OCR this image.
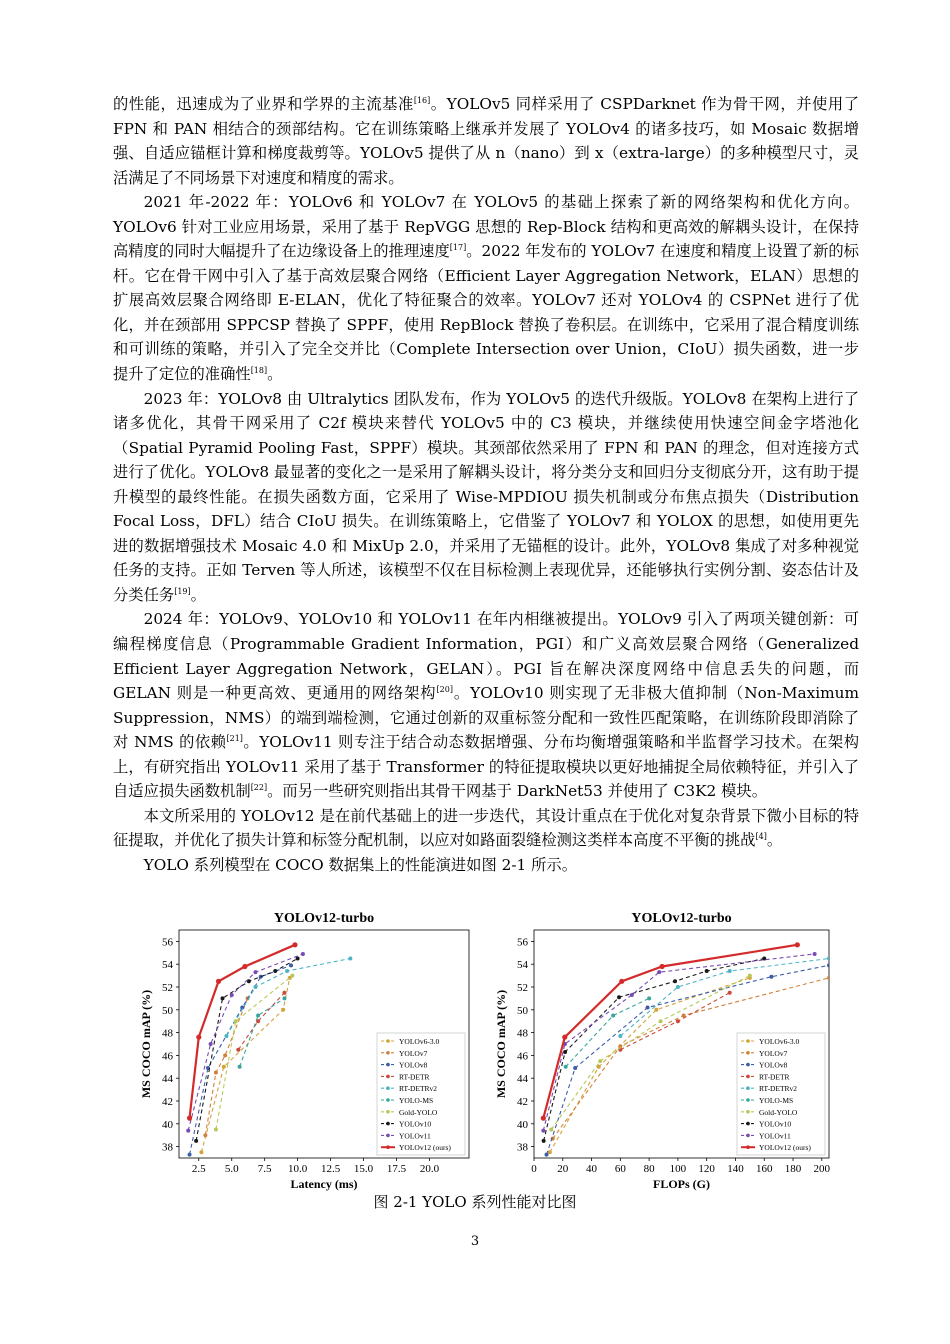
的性能，迅速成为了业界和学界的主流基准[16]。YOLOv5 同样采用了 CSPDarknet 作为骨干网，并使用了 FPN 和 PAN 相结合的颈部结构。它在训练策略上继承并发展了 YOLOv4 的诸多技巧，如 Mosaic 数据增强、自适应锚框计算和梯度裁剪等。YOLOv5 提供了从 n（nano）到 x（extra-large）的多种模型尺寸，灵活满足了不同场景下对速度和精度的需求。

2021 年-2022 年：YOLOv6 和 YOLOv7 在 YOLOv5 的基础上探索了新的网络架构和优化方向。YOLOv6 针对工业应用场景，采用了基于 RepVGG 思想的 Rep-Block 结构和更高效的解耦头设计，在保持高精度的同时大幅提升了在边缘设备上的推理速度[17]。2022 年发布的 YOLOv7 在速度和精度上设置了新的标杆。它在骨干网中引入了基于高效层聚合网络（Efficient Layer Aggregation Network，ELAN）思想的扩展高效层聚合网络即 E-ELAN，优化了特征聚合的效率。YOLOv7 还对 YOLOv4 的 CSPNet 进行了优化，并在颈部用 SPPCSP 替换了 SPPF，使用 RepBlock 替换了卷积层。在训练中，它采用了混合精度训练和可训练的策略，并引入了完全交并比（Complete Intersection over Union，CIoU）损失函数，进一步提升了定位的准确性[18]。

2023 年：YOLOv8 由 Ultralytics 团队发布，作为 YOLOv5 的迭代升级版。YOLOv8 在架构上进行了诸多优化，其骨干网采用了 C2f 模块来替代 YOLOv5 中的 C3 模块，并继续使用快速空间金字塔池化（Spatial Pyramid Pooling Fast，SPPF）模块。其颈部依然采用了 FPN 和 PAN 的理念，但对连接方式进行了优化。YOLOv8 最显著的变化之一是采用了解耦头设计，将分类分支和回归分支彻底分开，这有助于提升模型的最终性能。在损失函数方面，它采用了 Wise-MPDIOU 损失机制或分布焦点损失（Distribution Focal Loss，DFL）结合 CIoU 损失。在训练策略上，它借鉴了 YOLOv7 和 YOLOX 的思想，如使用更先进的数据增强技术 Mosaic 4.0 和 MixUp 2.0，并采用了无锚框的设计。此外，YOLOv8 集成了对多种视觉任务的支持。正如 Terven 等人所述，该模型不仅在目标检测上表现优异，还能够执行实例分割、姿态估计及分类任务[19]。

2024 年：YOLOv9、YOLOv10 和 YOLOv11 在年内相继被提出。YOLOv9 引入了两项关键创新：可编程梯度信息（Programmable Gradient Information，PGI）和广义高效层聚合网络（Generalized Efficient Layer Aggregation Network，GELAN）。PGI 旨在解决深度网络中信息丢失的问题，而 GELAN 则是一种更高效、更通用的网络架构[20]。YOLOv10 则实现了无非极大值抑制（Non-Maximum Suppression，NMS）的端到端检测，它通过创新的双重标签分配和一致性匹配策略，在训练阶段即消除了对 NMS 的依赖[21]。YOLOv11 则专注于结合动态数据增强、分布均衡增强策略和半监督学习技术。在架构上，有研究指出 YOLOv11 采用了基于 Transformer 的特征提取模块以更好地捕捉全局依赖特征，并引入了自适应损失函数机制[22]。而另一些研究则指出其骨干网基于 DarkNet53 并使用了 C3K2 模块。

本文所采用的 YOLOv12 是在前代基础上的进一步迭代，其设计重点在于优化对复杂背景下微小目标的特征提取，并优化了损失计算和标签分配机制，以应对如路面裂缝检测这类样本高度不平衡的挑战[4]。

YOLO 系列模型在 COCO 数据集上的性能演进如图 2-1 所示。

YOLOv12-turbo
38
40
42
44
46
48
50
52
54
56
2.5 5.0 7.5 10.0 12.5 15.0 17.5 20.0
Latency (ms)
MS COCO mAP (%)	YOLOv6-3.0
YOLOv7
YOLOv8
RT-DETR
RT-DETRv2
YOLO-MS
Gold-YOLO
YOLOv10
YOLOv11
YOLOv12 (ours)
YOLOv12-turbo
38
40
42
44
46
48
50
52
54
56
0 20 40 60 80 100 120 140 160 180 200
FLOPs (G)
MS COCO mAP (%)	YOLOv6-3.0
YOLOv7
YOLOv8
RT-DETR
RT-DETRv2
YOLO-MS
Gold-YOLO
YOLOv10
YOLOv11
YOLOv12 (ours)
图 2-1 YOLO 系列性能对比图
3
